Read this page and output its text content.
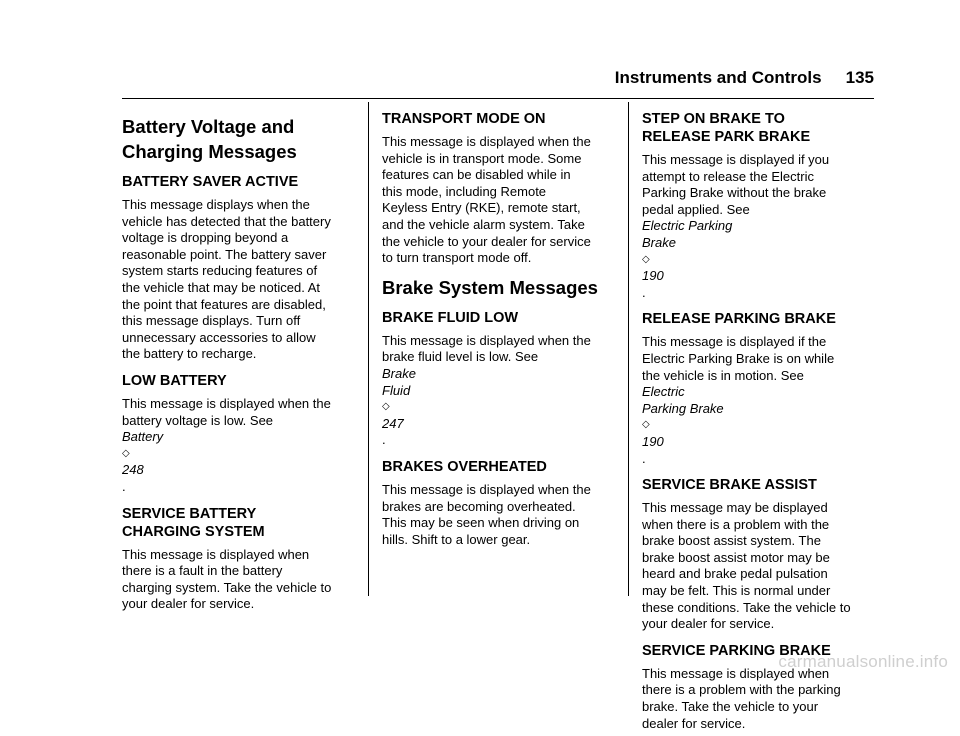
Instruments and Controls 135
Battery Voltage and
Charging Messages
BATTERY SAVER ACTIVE

This message displays when the
vehicle has detected that the battery
voltage is dropping beyond a
reasonable point. The battery saver
system starts reducing features of
the vehicle that may be noticed. At
the point that features are disabled,
this message displays. Turn off
unnecessary accessories to allow
the battery to recharge.

LOW BATTERY

This message is displayed when the
battery voltage is low. See
Battery
◇
248
.

SERVICE BATTERY
CHARGING SYSTEM

This message is displayed when
there is a fault in the battery
charging system. Take the vehicle to
your dealer for service.

TRANSPORT MODE ON

This message is displayed when the
vehicle is in transport mode. Some
features can be disabled while in
this mode, including Remote
Keyless Entry (RKE), remote start,
and the vehicle alarm system. Take
the vehicle to your dealer for service
to turn transport mode off.

Brake System Messages
BRAKE FLUID LOW

This message is displayed when the
brake fluid level is low. See
Brake
Fluid
◇
247
.

BRAKES OVERHEATED

This message is displayed when the
brakes are becoming overheated.
This may be seen when driving on
hills. Shift to a lower gear.

STEP ON BRAKE TO
RELEASE PARK BRAKE

This message is displayed if you
attempt to release the Electric
Parking Brake without the brake
pedal applied. See
Electric Parking
Brake
◇
190
.

RELEASE PARKING BRAKE

This message is displayed if the
Electric Parking Brake is on while
the vehicle is in motion. See
Electric
Parking Brake
◇
190
.

SERVICE BRAKE ASSIST

This message may be displayed
when there is a problem with the
brake boost assist system. The
brake boost assist motor may be
heard and brake pedal pulsation
may be felt. This is normal under
these conditions. Take the vehicle to
your dealer for service.

SERVICE PARKING BRAKE

This message is displayed when
there is a problem with the parking
brake. Take the vehicle to your
dealer for service.

carmanualsonline.info
